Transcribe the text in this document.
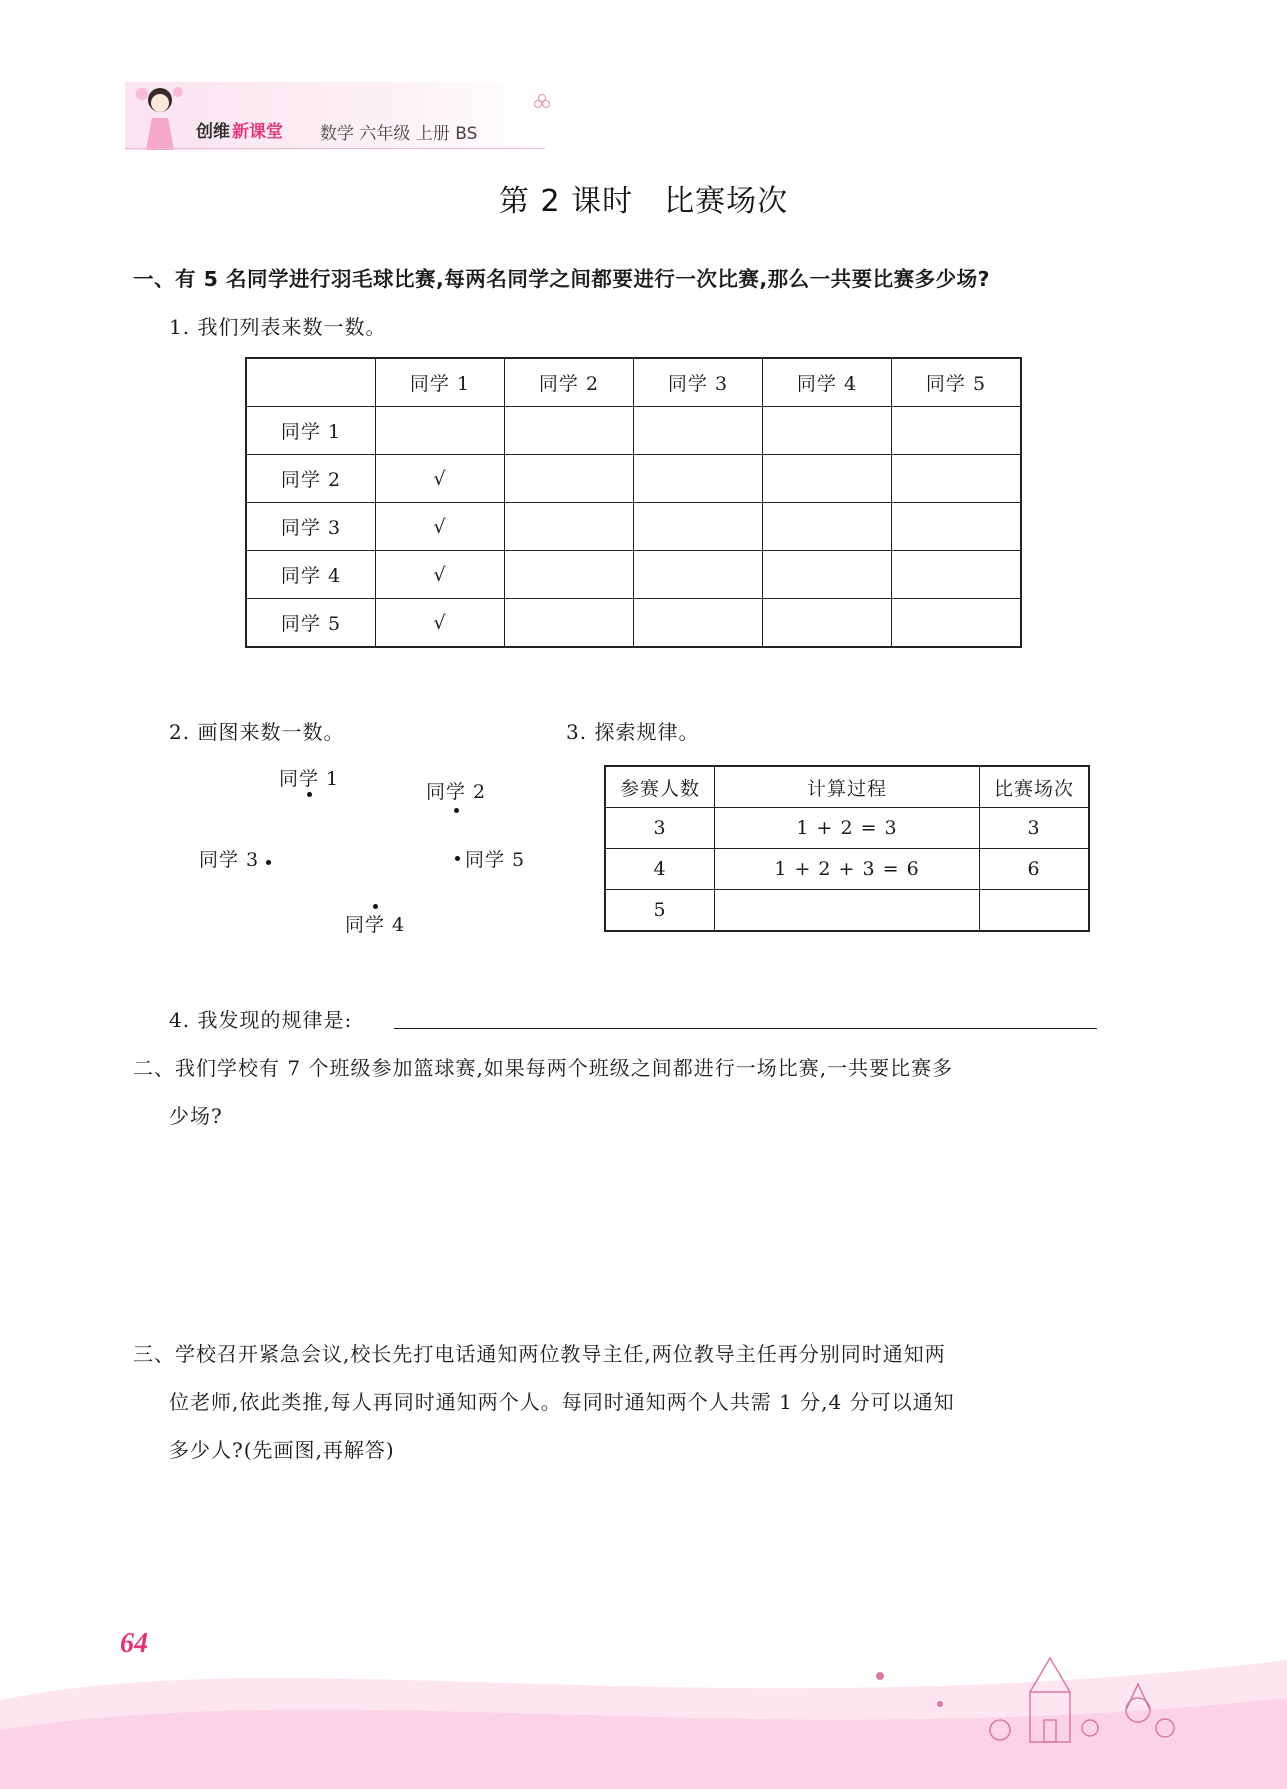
创维 新课堂 数学 六年级 上册 BS
第 2 课时　比赛场次
一、有 5 名同学进行羽毛球比赛,每两名同学之间都要进行一次比赛,那么一共要比赛多少场?
1. 我们列表来数一数。
	同学 1	同学 2	同学 3	同学 4	同学 5
同学 1					
同学 2	√				
同学 3	√				
同学 4	√				
同学 5	√				
2. 画图来数一数。
同学 1
同学 2
同学 3	同学 5
同学 4
3. 探索规律。
参赛人数	计算过程	比赛场次
3	1 + 2 = 3	3
4	1 + 2 + 3 = 6	6
5		
4. 我发现的规律是:
二、我们学校有 7 个班级参加篮球赛,如果每两个班级之间都进行一场比赛,一共要比赛多
少场?
三、学校召开紧急会议,校长先打电话通知两位教导主任,两位教导主任再分别同时通知两
位老师,依此类推,每人再同时通知两个人。每同时通知两个人共需 1 分,4 分可以通知
多少人?(先画图,再解答)
64
